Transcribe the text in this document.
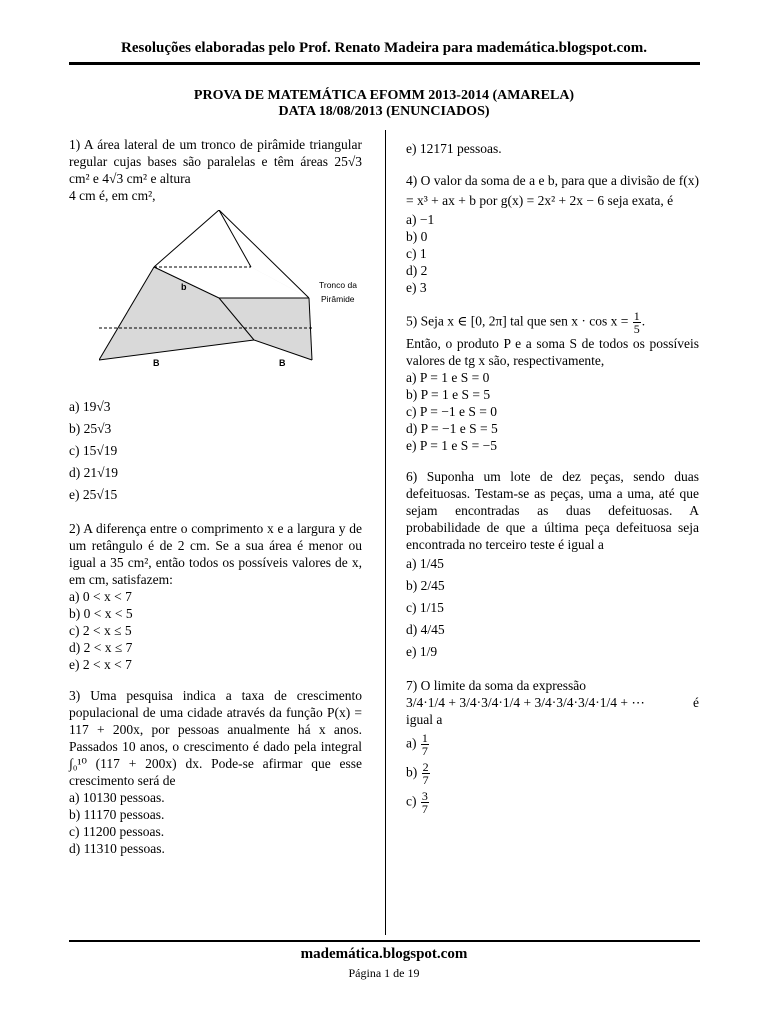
Resoluções elaboradas pelo Prof. Renato Madeira para mademática.blogspot.com.
PROVA DE MATEMÁTICA EFOMM 2013-2014 (AMARELA)
DATA 18/08/2013 (ENUNCIADOS)

1) A área lateral de um tronco de pirâmide triangular regular cujas bases são paralelas e têm áreas 25√3 cm² e 4√3 cm² e altura

4 cm é, em cm²,

b
B	B
Tronco da
Pirâmide
a) 19√3
b) 25√3
c) 15√19
d) 21√19
e) 25√15

2) A diferença entre o comprimento x e a largura y de um retângulo é de 2 cm. Se a sua área é menor ou igual a 35 cm², então todos os possíveis valores de x, em cm, satisfazem:

a) 0 < x < 7
b) 0 < x < 5
c) 2 < x ≤ 5
d) 2 < x ≤ 7
e) 2 < x < 7

3) Uma pesquisa indica a taxa de crescimento populacional de uma cidade através da função P(x) = 117 + 200x, por pessoas anualmente há x anos. Passados 10 anos, o crescimento é dado pela integral ∫₀¹⁰ (117 + 200x) dx. Pode-se afirmar que esse crescimento será de

a) 10130 pessoas.
b) 11170 pessoas.
c) 11200 pessoas.
d) 11310 pessoas.
e) 12171 pessoas.

4) O valor da soma de a e b, para que a divisão de f(x) = x³ + ax + b por g(x) = 2x² + 2x − 6 seja exata, é

a) −1
b) 0
c) 1
d) 2
e) 3

5) Seja x ∈ [0, 2π] tal que sen $x \cdot \cos x = \frac{1}{5}$ .

Então, o produto P e a soma S de todos os possíveis valores de tg x são, respectivamente,

a) P = 1 e S = 0
b) P = 1 e S = 5
c) P = −1 e S = 0
d) P = −1 e S = 5
e) P = 1 e S = −5

6) Suponha um lote de dez peças, sendo duas defeituosas. Testam-se as peças, uma a uma, até que sejam encontradas as duas defeituosas. A probabilidade de que a última peça defeituosa seja encontrada no terceiro teste é igual a

a) 1/45
b) 2/45
c) 1/15
d) 4/45
e) 1/9

7) O limite da soma da expressão

3/4·1/4 + 3/4·3/4·1/4 + 3/4·3/4·3/4·1/4 + ⋯	é

igual a

$a) \frac{1}{7}$
$b) \frac{2}{7}$
$c) \frac{3}{7}$
mademática.blogspot.com
Página 1 de 19
